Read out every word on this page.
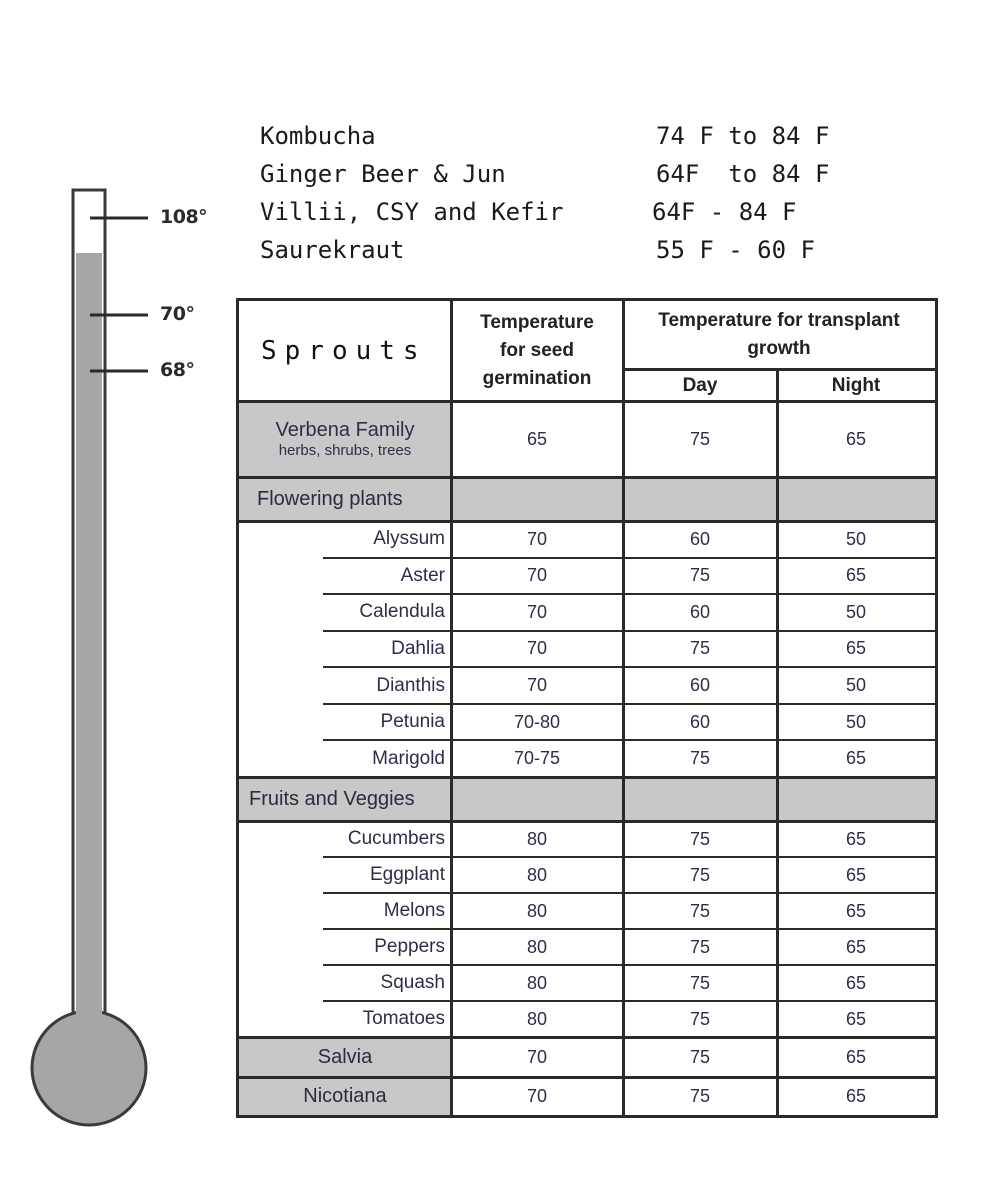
108°
70°
68°
Kombucha	74 F to 84 F
Ginger Beer & Jun	64F  to 84 F
Villii, CSY and Kefir	64F - 84 F
Saurekraut	55 F - 60 F
Sprouts
Temperature
for seed
germination
Temperature for transplant
growth
Day	Night
Verbena Family
herbs, shrubs, trees
65	75	65
Flowering plants
Alyssum	70	60	50
Aster	70	75	65
Calendula	70	60	50
Dahlia	70	75	65
Dianthis	70	60	50
Petunia	70-80	60	50
Marigold	70-75	75	65
Fruits and Veggies
Cucumbers	80	75	65
Eggplant	80	75	65
Melons	80	75	65
Peppers	80	75	65
Squash	80	75	65
Tomatoes	80	75	65
Salvia	70	75	65
Nicotiana	70	75	65
